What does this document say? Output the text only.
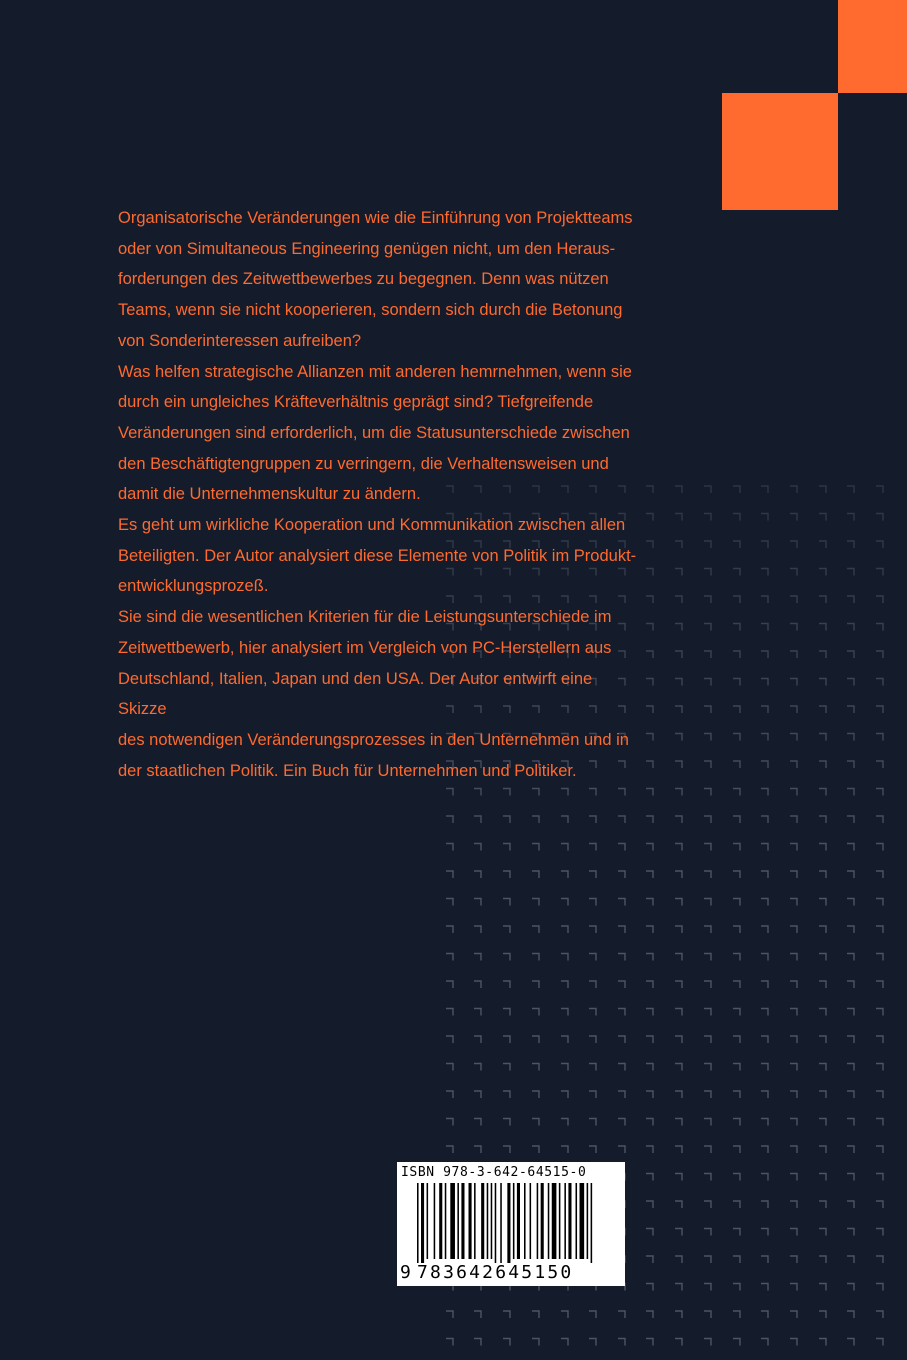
Organisatorische Veränderungen wie die Einführung von Projektteams
oder von Simultaneous Engineering genügen nicht, um den Heraus-
forderungen des Zeitwettbewerbes zu begegnen. Denn was nützen
Teams, wenn sie nicht kooperieren, sondern sich durch die Betonung
von Sonderinteressen aufreiben?

Was helfen strategische Allianzen mit anderen hemrnehmen, wenn sie
durch ein ungleiches Kräfteverhältnis geprägt sind? Tiefgreifende
Veränderungen sind erforderlich, um die Statusunterschiede zwischen
den Beschäftigtengruppen zu verringern, die Verhaltensweisen und
damit die Unternehmenskultur zu ändern.

Es geht um wirkliche Kooperation und Kommunikation zwischen allen
Beteiligten. Der Autor analysiert diese Elemente von Politik im Produkt-
entwicklungsprozeß.

Sie sind die wesentlichen Kriterien für die Leistungsunterschiede im
Zeitwettbewerb, hier analysiert im Vergleich von PC-Herstellern aus
Deutschland, Italien, Japan und den USA. Der Autor entwirft eine Skizze
des notwendigen Veränderungsprozesses in den Unternehmen und in
der staatlichen Politik. Ein Buch für Unternehmen und Politiker.

ISBN 978-3-642-64515-0
9 783642645150
